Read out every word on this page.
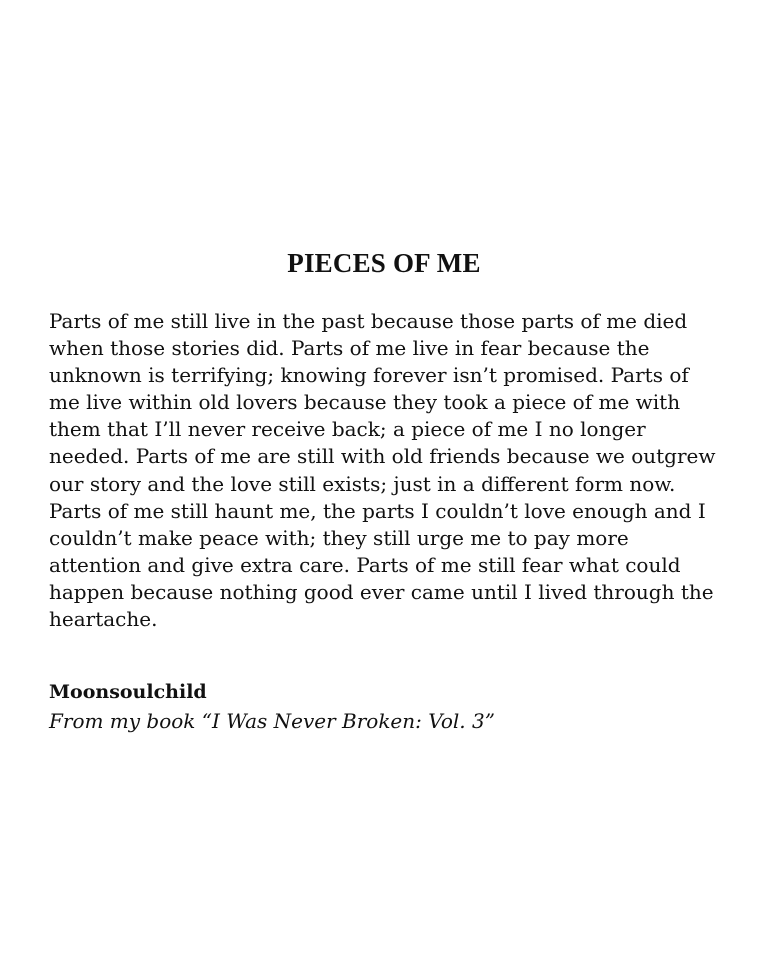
PIECES OF ME

Parts of me still live in the past because those parts of me died
when those stories did. Parts of me live in fear because the
unknown is terrifying; knowing forever isn’t promised. Parts of
me live within old lovers because they took a piece of me with
them that I’ll never receive back; a piece of me I no longer
needed. Parts of me are still with old friends because we outgrew
our story and the love still exists; just in a different form now.
Parts of me still haunt me, the parts I couldn’t love enough and I
couldn’t make peace with; they still urge me to pay more
attention and give extra care. Parts of me still fear what could
happen because nothing good ever came until I lived through the
heartache.

Moonsoulchild
From my book “I Was Never Broken: Vol. 3”
